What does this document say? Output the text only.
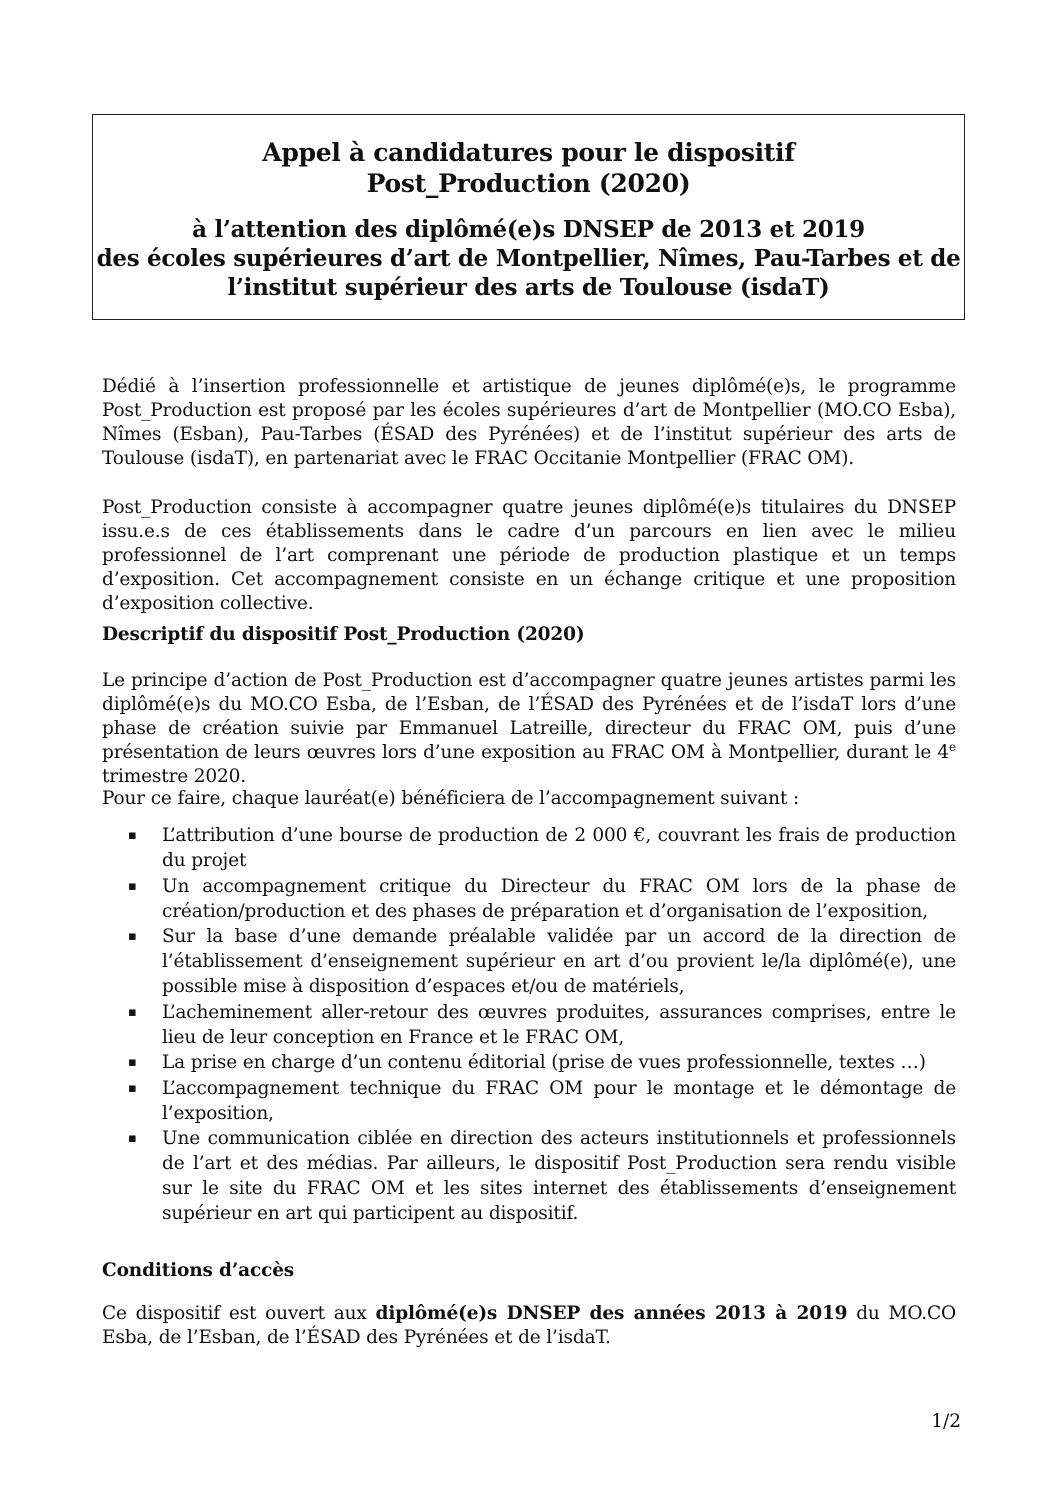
Appel à candidatures pour le dispositif
Post_Production (2020)
à l’attention des diplômé(e)s DNSEP de 2013 et 2019
des écoles supérieures d’art de Montpellier, Nîmes, Pau-Tarbes et de
l’institut supérieur des arts de Toulouse (isdaT)
Dédié à l’insertion professionnelle et artistique de jeunes diplômé(e)s, le programme Post_Production est proposé par les écoles supérieures d’art de Montpellier (MO.CO Esba), Nîmes (Esban), Pau-Tarbes (ÉSAD des Pyrénées) et de l’institut supérieur des arts de Toulouse (isdaT), en partenariat avec le FRAC Occitanie Montpellier (FRAC OM).
Post_Production consiste à accompagner quatre jeunes diplômé(e)s titulaires du DNSEP issu.e.s de ces établissements dans le cadre d’un parcours en lien avec le milieu professionnel de l’art comprenant une période de production plastique et un temps d’exposition. Cet accompagnement consiste en un échange critique et une proposition d’exposition collective.
Descriptif du dispositif Post_Production (2020)
Le principe d’action de Post_Production est d’accompagner quatre jeunes artistes parmi les diplômé(e)s du MO.CO Esba, de l’Esban, de l’ÉSAD des Pyrénées et de l’isdaT lors d’une phase de création suivie par Emmanuel Latreille, directeur du FRAC OM, puis d’une présentation de leurs œuvres lors d’une exposition au FRAC OM à Montpellier, durant le 4e trimestre 2020.
Pour ce faire, chaque lauréat(e) bénéficiera de l’accompagnement suivant :
▪ L’attribution d’une bourse de production de 2 000 €, couvrant les frais de production du projet
▪ Un accompagnement critique du Directeur du FRAC OM lors de la phase de création/production et des phases de préparation et d’organisation de l’exposition,
▪ Sur la base d’une demande préalable validée par un accord de la direction de l’établissement d’enseignement supérieur en art d’ou provient le/la diplômé(e), une possible mise à disposition d’espaces et/ou de matériels,
▪ L’acheminement aller-retour des œuvres produites, assurances comprises, entre le lieu de leur conception en France et le FRAC OM,
▪ La prise en charge d’un contenu éditorial (prise de vues professionnelle, textes …)
▪ L’accompagnement technique du FRAC OM pour le montage et le démontage de l’exposition,
▪ Une communication ciblée en direction des acteurs institutionnels et professionnels de l’art et des médias. Par ailleurs, le dispositif Post_Production sera rendu visible sur le site du FRAC OM et les sites internet des établissements d’enseignement supérieur en art qui participent au dispositif.
Conditions d’accès
Ce dispositif est ouvert aux diplômé(e)s DNSEP des années 2013 à 2019 du MO.CO Esba, de l’Esban, de l’ÉSAD des Pyrénées et de l’isdaT.
1/2
